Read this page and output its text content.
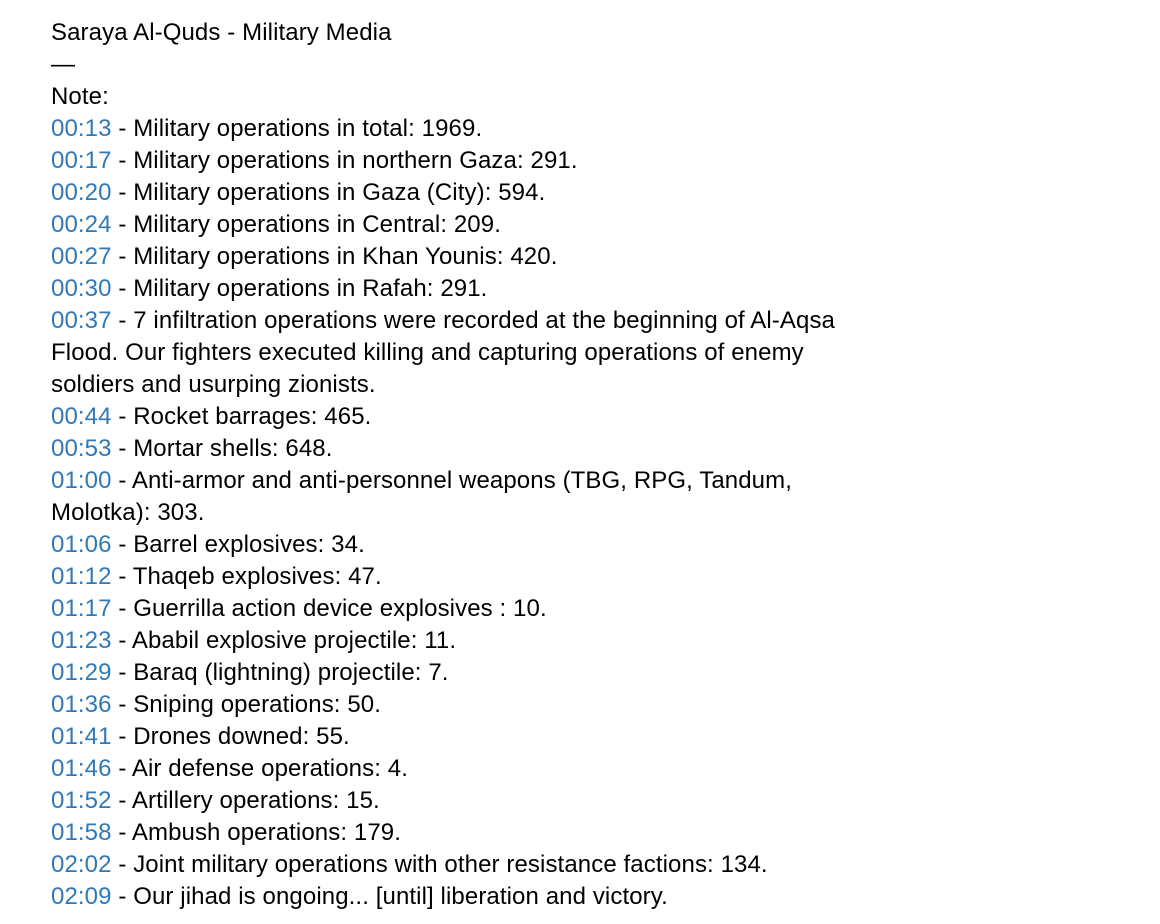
Saraya Al-Quds - Military Media
—
Note:
00:13 - Military operations in total: 1969.
00:17 - Military operations in northern Gaza: 291.
00:20 - Military operations in Gaza (City): 594.
00:24 - Military operations in Central: 209.
00:27 - Military operations in Khan Younis: 420.
00:30 - Military operations in Rafah: 291.
00:37 - 7 infiltration operations were recorded at the beginning of Al-Aqsa Flood. Our fighters executed killing and capturing operations of enemy soldiers and usurping zionists.
00:44 - Rocket barrages: 465.
00:53 - Mortar shells: 648.
01:00 - Anti-armor and anti-personnel weapons (TBG, RPG, Tandum, Molotka): 303.
01:06 - Barrel explosives: 34.
01:12 - Thaqeb explosives: 47.
01:17 - Guerrilla action device explosives : 10.
01:23 - Ababil explosive projectile: 11.
01:29 - Baraq (lightning) projectile: 7.
01:36 - Sniping operations: 50.
01:41 - Drones downed: 55.
01:46 - Air defense operations: 4.
01:52 - Artillery operations: 15.
01:58 - Ambush operations: 179.
02:02 - Joint military operations with other resistance factions: 134.
02:09 - Our jihad is ongoing... [until] liberation and victory.
